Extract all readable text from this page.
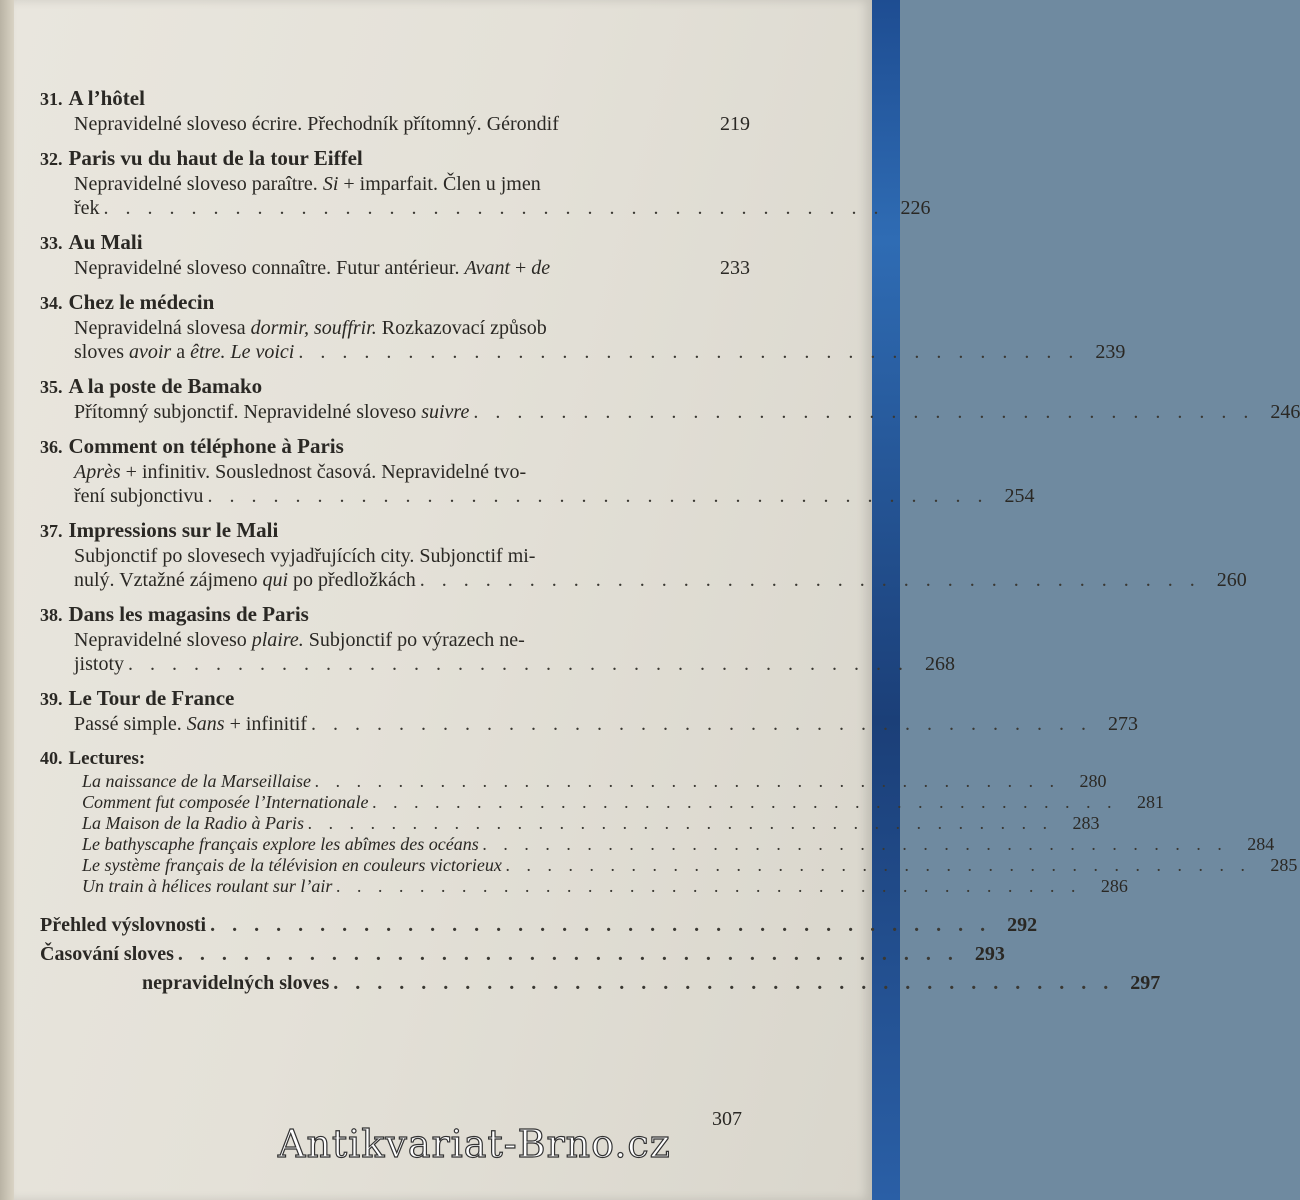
31. A l’hôtel
Nepravidelné sloveso écrire. Přechodník přítomný. Gérondif	219
32. Paris vu du haut de la tour Eiffel
Nepravidelné sloveso paraître. Si + imparfait. Člen u jmen
řek . . . . . . . . . . . . . . . . . . . . . . . . . . . . . . . . . . . . 226
33. Au Mali
Nepravidelné sloveso connaître. Futur antérieur. Avant + de	233
34. Chez le médecin
Nepravidelná slovesa dormir, souffrir. Rozkazovací způsob
sloves avoir a être. Le voici . . . . . . . . . . . . . . . . . . . . . . . . . . . . . . . . . . . . 239
35. A la poste de Bamako
Přítomný subjonctif. Nepravidelné sloveso suivre . . . . . . . . . . . . . . . . . . . . . . . . . . . . . . . . . . . . 246
36. Comment on téléphone à Paris
Après + infinitiv. Souslednost časová. Nepravidelné tvo-
ření subjonctivu . . . . . . . . . . . . . . . . . . . . . . . . . . . . . . . . . . . . 254
37. Impressions sur le Mali
Subjonctif po slovesech vyjadřujících city. Subjonctif mi-
nulý. Vztažné zájmeno qui po předložkách . . . . . . . . . . . . . . . . . . . . . . . . . . . . . . . . . . . . 260
38. Dans les magasins de Paris
Nepravidelné sloveso plaire. Subjonctif po výrazech ne-
jistoty . . . . . . . . . . . . . . . . . . . . . . . . . . . . . . . . . . . . 268
39. Le Tour de France
Passé simple. Sans + infinitif . . . . . . . . . . . . . . . . . . . . . . . . . . . . . . . . . . . . 273
40. Lectures:
La naissance de la Marseillaise . . . . . . . . . . . . . . . . . . . . . . . . . . . . . . . . . . . .	280
Comment fut composée l’Internationale . . . . . . . . . . . . . . . . . . . . . . . . . . . . . . . . . . . .	281
La Maison de la Radio à Paris . . . . . . . . . . . . . . . . . . . . . . . . . . . . . . . . . . . .	283
Le bathyscaphe français explore les abîmes des océans . . . . . . . . . . . . . . . . . . . . . . . . . . . . . . . . . . . .	284
Le système français de la télévision en couleurs victorieux . . . . . . . . . . . . . . . . . . . . . . . . . . . . . . . . . . . .	285
Un train à hélices roulant sur l’air . . . . . . . . . . . . . . . . . . . . . . . . . . . . . . . . . . . .	286
Přehled výslovnosti . . . . . . . . . . . . . . . . . . . . . . . . . . . . . . . . . . . . 292
Časování sloves . . . . . . . . . . . . . . . . . . . . . . . . . . . . . . . . . . . . 293
nepravidelných sloves . . . . . . . . . . . . . . . . . . . . . . . . . . . . . . . . . . . . 297
307
Antikvariat-Brno.cz
